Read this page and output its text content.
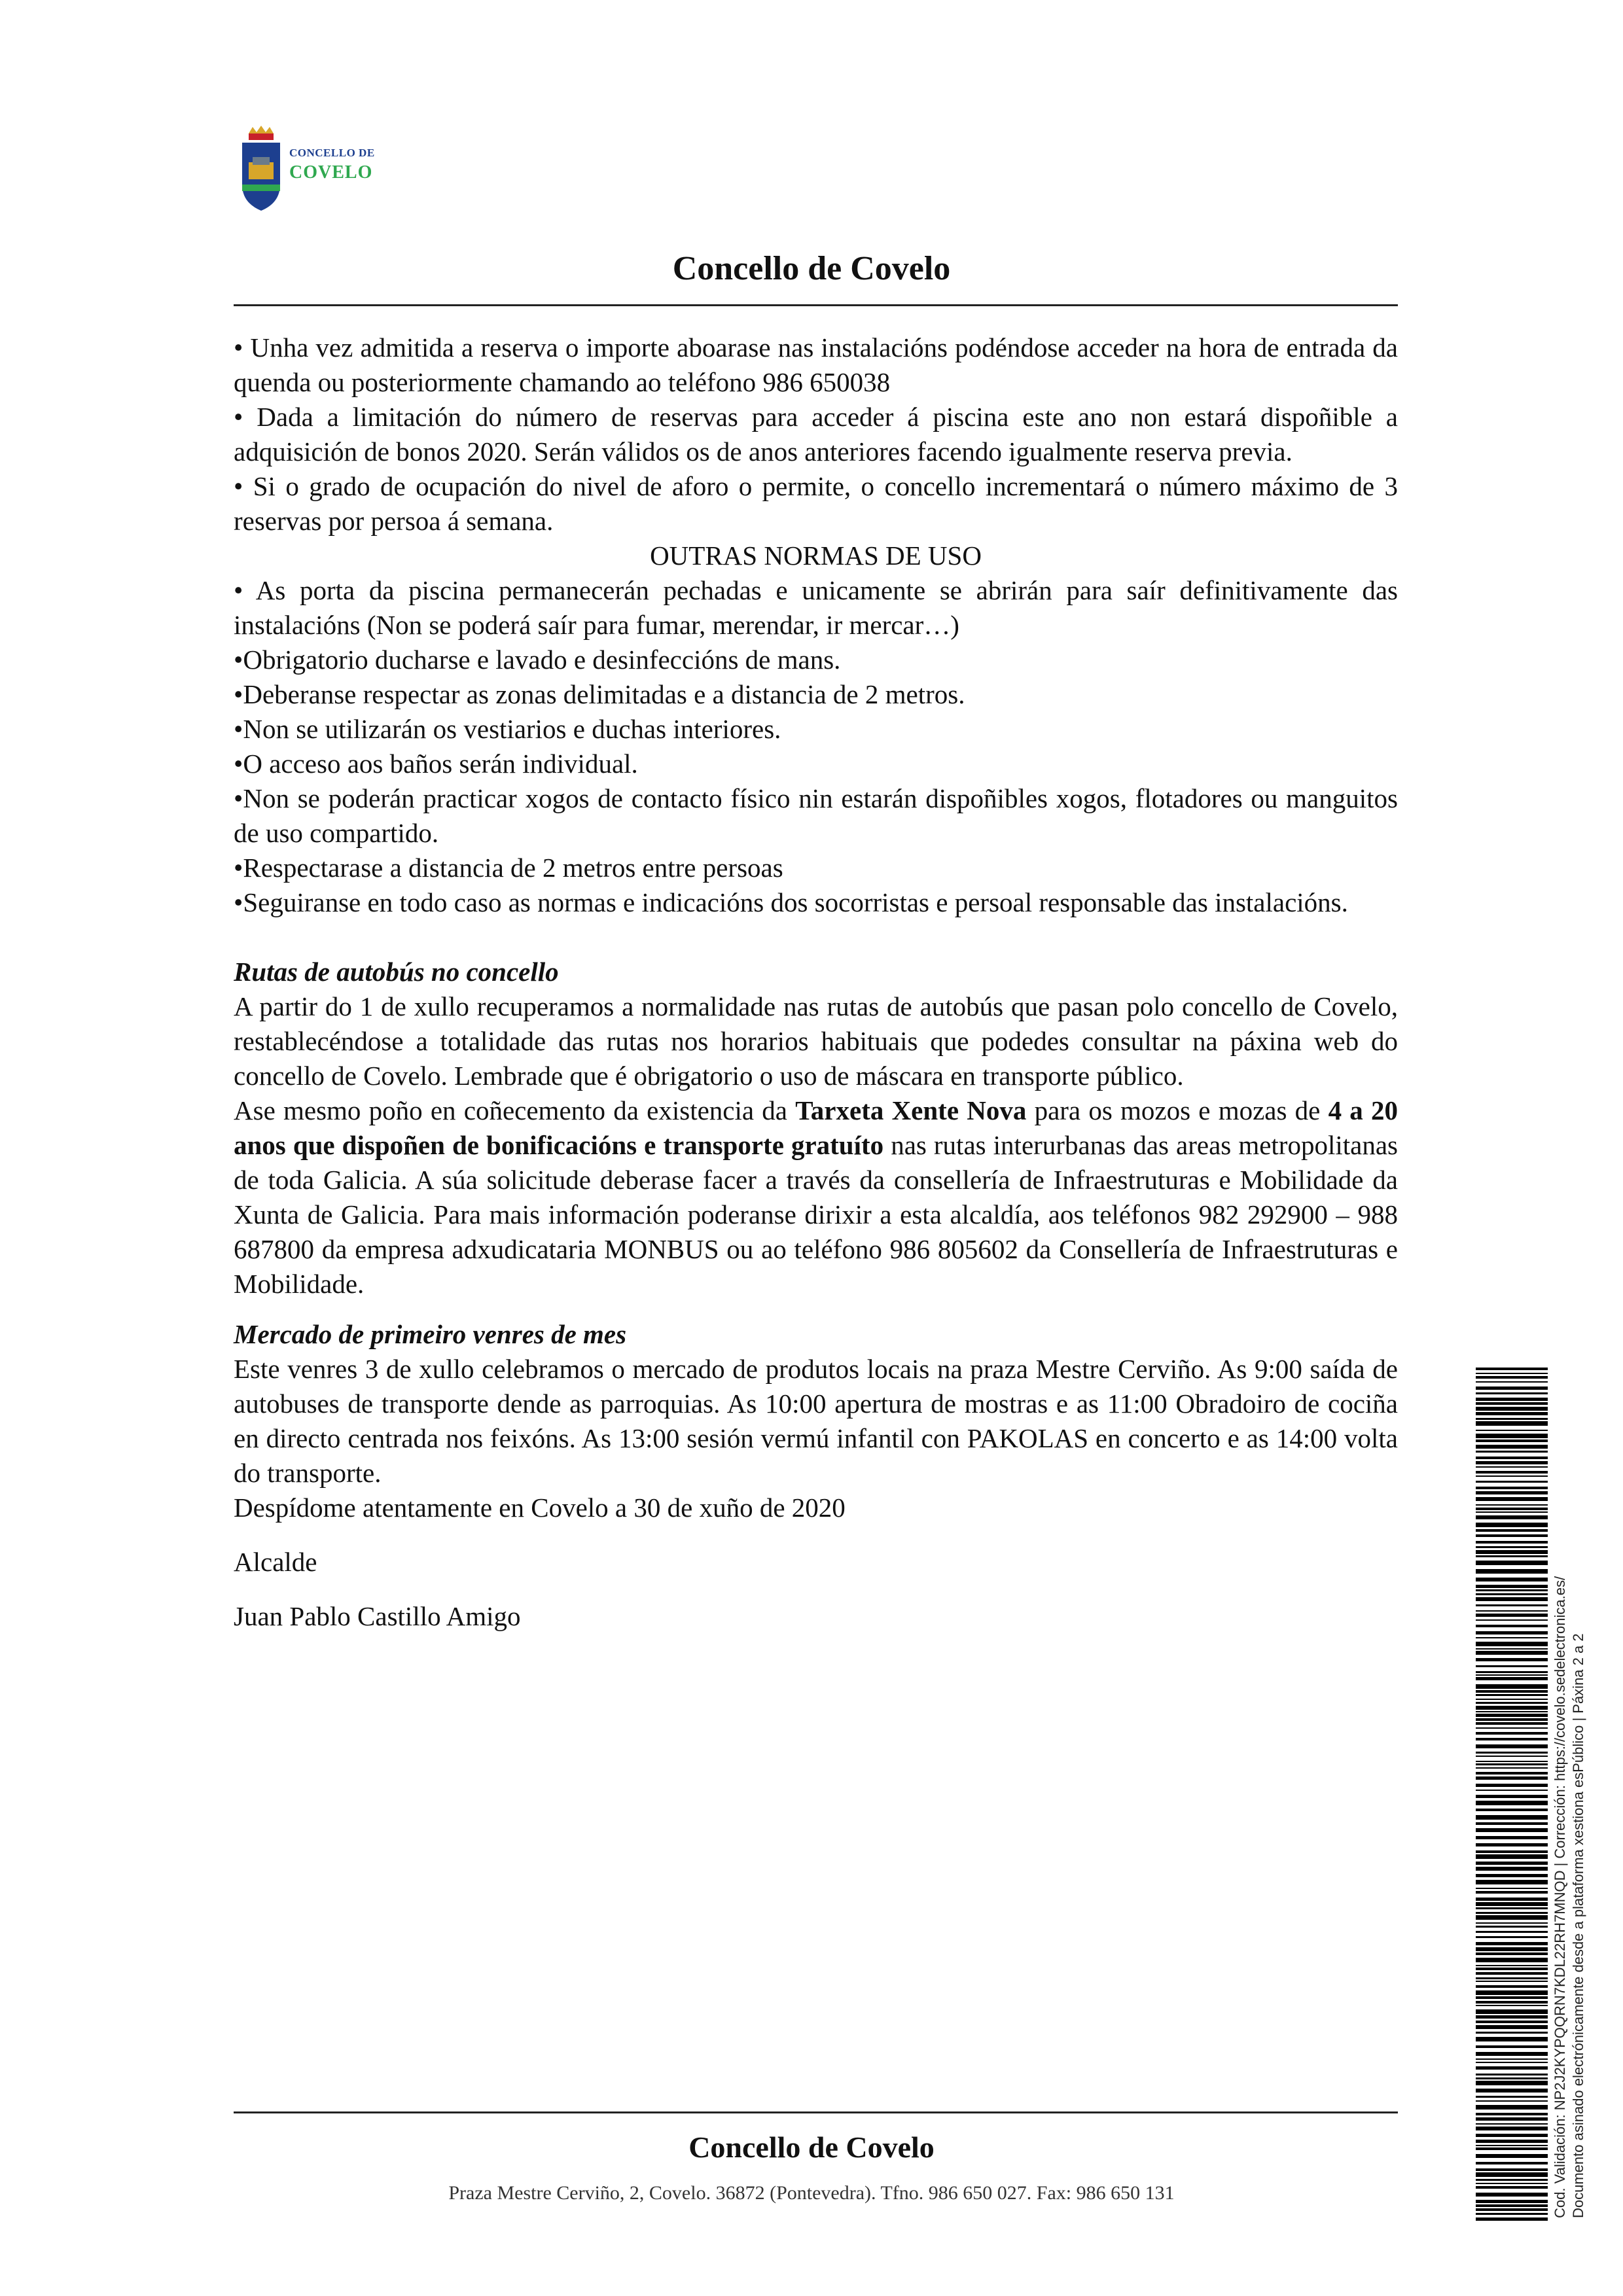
CONCELLO DE
COVELO
Concello de Covelo

• Unha vez admitida a reserva o importe aboarase nas instalacións podéndose acceder na hora de entrada da quenda ou posteriormente chamando ao teléfono 986 650038

• Dada a limitación do número de reservas para acceder á piscina este ano non estará dispoñible a adquisición de bonos 2020. Serán válidos os de anos anteriores facendo igualmente reserva previa.

• Si o grado de ocupación do nivel de aforo o permite, o concello incrementará o número máximo de 3 reservas por persoa á semana.

OUTRAS NORMAS DE USO

• As porta da piscina permanecerán pechadas e unicamente se abrirán para saír definitivamente das instalacións (Non se poderá saír para fumar, merendar, ir mercar…)

•Obrigatorio ducharse e lavado e desinfeccións de mans.

•Deberanse respectar as zonas delimitadas e a distancia de 2 metros.

•Non se utilizarán os vestiarios e duchas interiores.

•O acceso aos baños serán individual.

•Non se poderán practicar xogos de contacto físico nin estarán dispoñibles xogos, flotadores ou manguitos de uso compartido.

•Respectarase a distancia de 2 metros entre persoas

•Seguiranse en todo caso as normas e indicacións dos socorristas e persoal responsable das instalacións.

Rutas de autobús no concello

A partir do 1 de xullo recuperamos a normalidade nas rutas de autobús que pasan polo concello de Covelo, restablecéndose a totalidade das rutas nos horarios habituais que podedes consultar na páxina web do concello de Covelo. Lembrade que é obrigatorio o uso de máscara en transporte público.

Ase mesmo poño en coñecemento da existencia da Tarxeta Xente Nova para os mozos e mozas de 4 a 20 anos que dispoñen de bonificacións e transporte gratuíto nas rutas interurbanas das areas metropolitanas de toda Galicia. A súa solicitude deberase facer a través da consellería de Infraestruturas e Mobilidade da Xunta de Galicia. Para mais información poderanse dirixir a esta alcaldía, aos teléfonos 982 292900 – 988 687800 da empresa adxudicataria MONBUS ou ao teléfono 986 805602 da Consellería de Infraestruturas e Mobilidade.

Mercado de primeiro venres de mes

Este venres 3 de xullo celebramos o mercado de produtos locais na praza Mestre Cerviño. As 9:00 saída de autobuses de transporte dende as parroquias. As 10:00 apertura de mostras e as 11:00 Obradoiro de cociña en directo centrada nos feixóns. As 13:00 sesión vermú infantil con PAKOLAS en concerto e as 14:00 volta do transporte.

Despídome atentamente en Covelo a 30 de xuño de 2020

Alcalde

Juan Pablo Castillo Amigo

Concello de Covelo
Praza Mestre Cerviño, 2, Covelo. 36872 (Pontevedra). Tfno. 986 650 027. Fax: 986 650 131	Cod. Validación: NP2J2KYPQQRN7KDL22RH7MNQD | Corrección: https://covelo.sedelectronica.es/ Documento asinado electrónicamente desde a plataforma xestiona esPúblico | Páxina 2 a 2
